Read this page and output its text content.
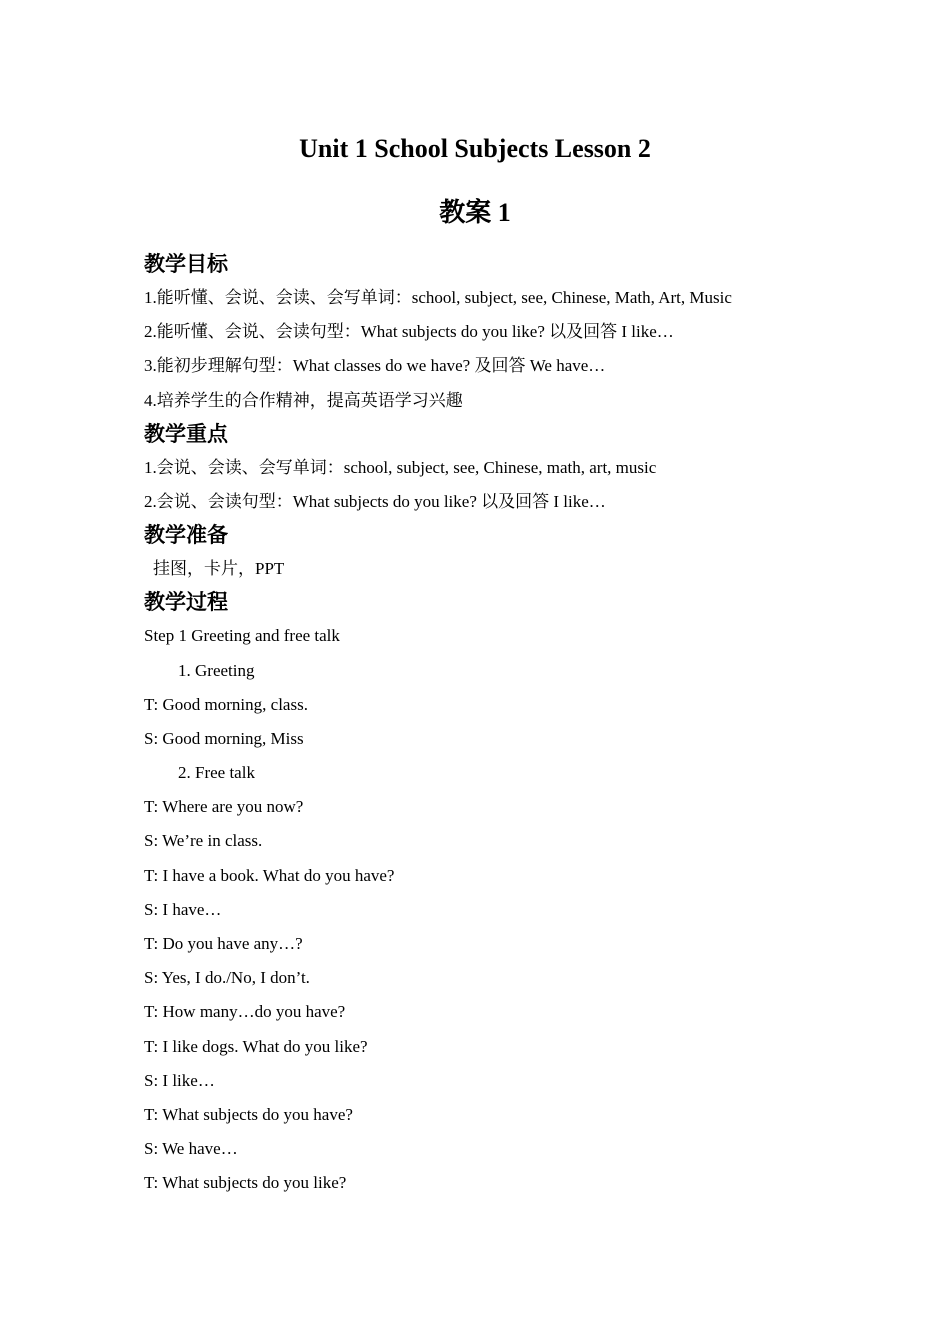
Unit 1 School Subjects Lesson 2
教案 1
教学目标
1.能听懂、会说、会读、会写单词：school, subject, see, Chinese, Math, Art, Music
2.能听懂、会说、会读句型：What subjects do you like? 以及回答 I like…
3.能初步理解句型：What classes do we have? 及回答 We have…
4.培养学生的合作精神，提高英语学习兴趣
教学重点
1.会说、会读、会写单词：school, subject, see, Chinese, math, art, music
2.会说、会读句型：What subjects do you like? 以及回答 I like…
教学准备
挂图，卡片，PPT
教学过程
Step 1 Greeting and free talk
1. Greeting
T: Good morning, class.
S: Good morning, Miss
2. Free talk
T: Where are you now?
S: We’re in class.
T: I have a book. What do you have?
S: I have…
T: Do you have any…?
S: Yes, I do./No, I don’t.
T: How many…do you have?
T: I like dogs. What do you like?
S: I like…
T: What subjects do you have?
S: We have…
T: What subjects do you like?
